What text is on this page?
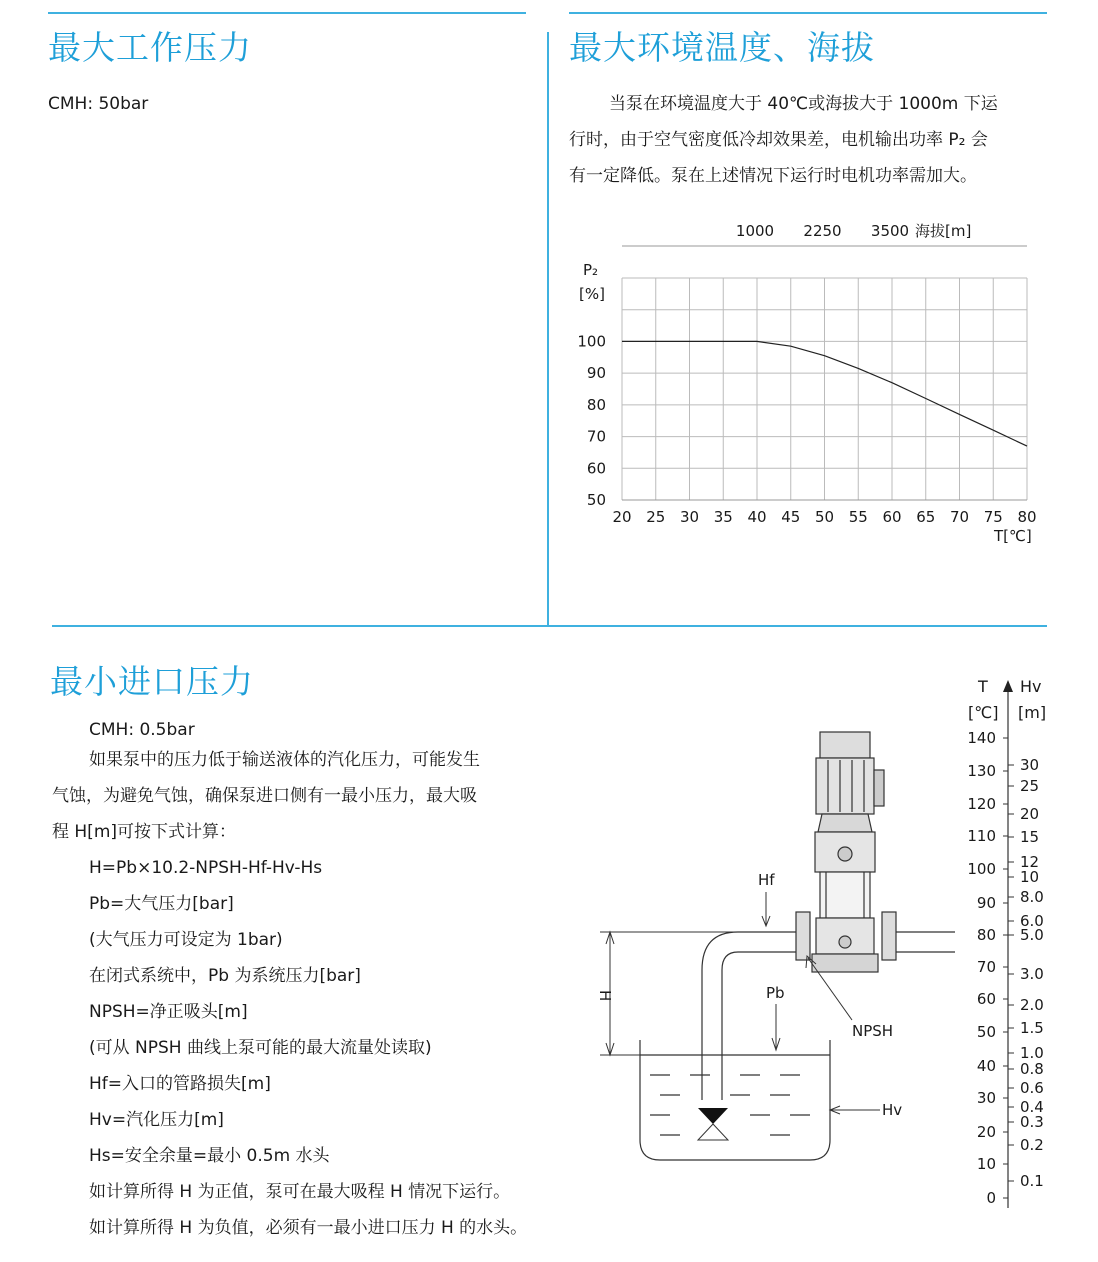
最大工作压力
CMH: 50bar
最大环境温度、海拔

当泵在环境温度大于 40℃或海拔大于 1000m 下运

行时，由于空气密度低冷却效果差，电机输出功率 P₂ 会

有一定降低。泵在上述情况下运行时电机功率需加大。

1000 2250 3500 海拔[m]
P₂
[%]
20 25 30 35 40 45 50 55 60 65 70 75 80
50
60
70
80
90
100
T[℃]
最小进口压力
CMH: 0.5bar

如果泵中的压力低于输送液体的汽化压力，可能发生

气蚀，为避免气蚀，确保泵进口侧有一最小压力，最大吸

程 H[m]可按下式计算：

H=Pb×10.2-NPSH-Hf-Hv-Hs

Pb=大气压力[bar]

(大气压力可设定为 1bar)

在闭式系统中，Pb 为系统压力[bar]

NPSH=净正吸头[m]

(可从 NPSH 曲线上泵可能的最大流量处读取)

Hf=入口的管路损失[m]

Hv=汽化压力[m]

Hs=安全余量=最小 0.5m 水头

如计算所得 H 为正值，泵可在最大吸程 H 情况下运行。

如计算所得 H 为负值，必须有一最小进口压力 H 的水头。

Hf
H	Pb
NPSH
Hv
T
[℃]
Hv
[m]
140
130
120
110
100
90
80
70
60
50
40
30
20
10
0
30
25
20
15
12
10
8.0
6.0
5.0
3.0
2.0
1.5
1.0
0.8
0.6
0.4
0.3
0.2
0.1
